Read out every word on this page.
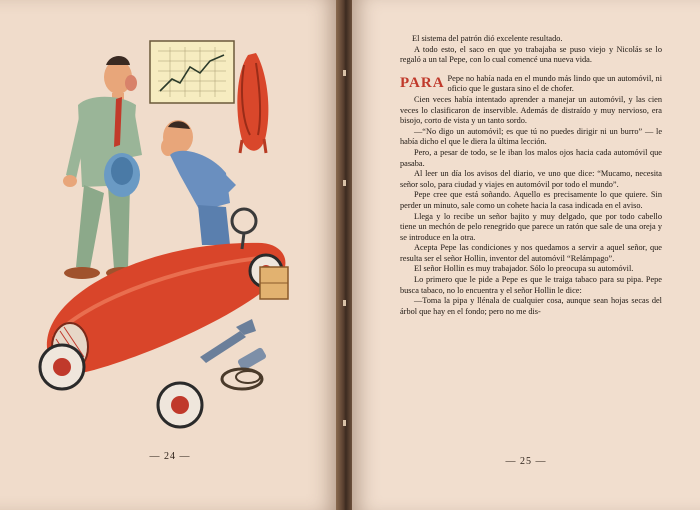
— 24 —

El sistema del patrón dió excelente resultado.

A todo esto, el saco en que yo trabajaba se puso viejo y Nicolás se lo regaló a un tal Pepe, con lo cual comencé una nueva vida.

PARA Pepe no había nada en el mundo más lindo que un automóvil, ni oficio que le gustara sino el de chofer.

Cien veces había intentado aprender a manejar un automóvil, y las cien veces lo clasificaron de inservible. Además de distraído y muy nervioso, era bisojo, corto de vista y un tanto sordo.

—“No digo un automóvil; es que tú no puedes dirigir ni un burro” — le había dicho el que le diera la última lección.

Pero, a pesar de todo, se le iban los malos ojos hacia cada automóvil que pasaba.

Al leer un día los avisos del diario, ve uno que dice: “Mucamo, necesita señor solo, para ciudad y viajes en automóvil por todo el mundo”.

Pepe cree que está soñando. Aquello es precisamente lo que quiere. Sin perder un minuto, sale como un cohete hacia la casa indicada en el aviso.

Llega y lo recibe un señor bajito y muy delgado, que por todo cabello tiene un mechón de pelo renegrido que parece un ratón que sale de una oreja y se introduce en la otra.

Acepta Pepe las condiciones y nos quedamos a servir a aquel señor, que resulta ser el señor Hollin, inventor del automóvil “Relámpago”.

El señor Hollin es muy trabajador. Sólo lo preocupa su automóvil.

Lo primero que le pide a Pepe es que le traiga tabaco para su pipa. Pepe busca tabaco, no lo encuentra y el señor Hollin le dice:

—Toma la pipa y llénala de cualquier cosa, aunque sean hojas secas del árbol que hay en el fondo; pero no me dis-

— 25 —
